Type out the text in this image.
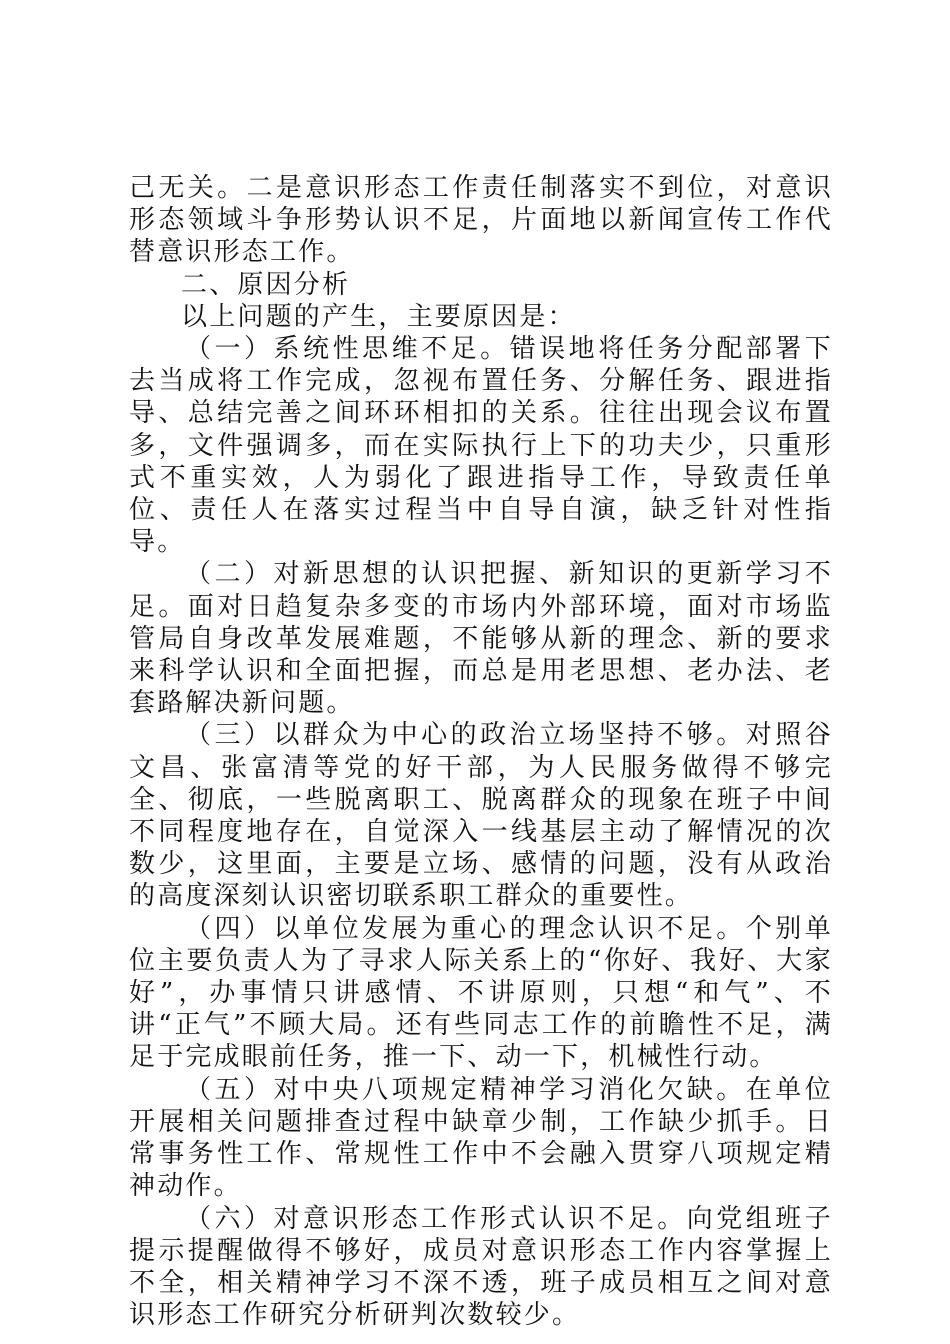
己无关。二是意识形态工作责任制落实不到位，对意识形态领域斗争形势认识不足，片面地以新闻宣传工作代替意识形态工作。

二、原因分析

以上问题的产生，主要原因是：

（一）系统性思维不足。错误地将任务分配部署下去当成将工作完成，忽视布置任务、分解任务、跟进指导、总结完善之间环环相扣的关系。往往出现会议布置多，文件强调多，而在实际执行上下的功夫少，只重形式不重实效，人为弱化了跟进指导工作，导致责任单位、责任人在落实过程当中自导自演，缺乏针对性指导。

（二）对新思想的认识把握、新知识的更新学习不足。面对日趋复杂多变的市场内外部环境，面对市场监管局自身改革发展难题，不能够从新的理念、新的要求来科学认识和全面把握，而总是用老思想、老办法、老套路解决新问题。

（三）以群众为中心的政治立场坚持不够。对照谷文昌、张富清等党的好干部，为人民服务做得不够完全、彻底，一些脱离职工、脱离群众的现象在班子中间不同程度地存在，自觉深入一线基层主动了解情况的次数少，这里面，主要是立场、感情的问题，没有从政治的高度深刻认识密切联系职工群众的重要性。

（四）以单位发展为重心的理念认识不足。个别单位主要负责人为了寻求人际关系上的“你好、我好、大家好”，办事情只讲感情、不讲原则，只想“和气”、不讲“正气”不顾大局。还有些同志工作的前瞻性不足，满足于完成眼前任务，推一下、动一下，机械性行动。

（五）对中央八项规定精神学习消化欠缺。在单位开展相关问题排查过程中缺章少制，工作缺少抓手。日常事务性工作、常规性工作中不会融入贯穿八项规定精神动作。

（六）对意识形态工作形式认识不足。向党组班子提示提醒做得不够好，成员对意识形态工作内容掌握上不全，相关精神学习不深不透，班子成员相互之间对意识形态工作研究分析研判次数较少。
